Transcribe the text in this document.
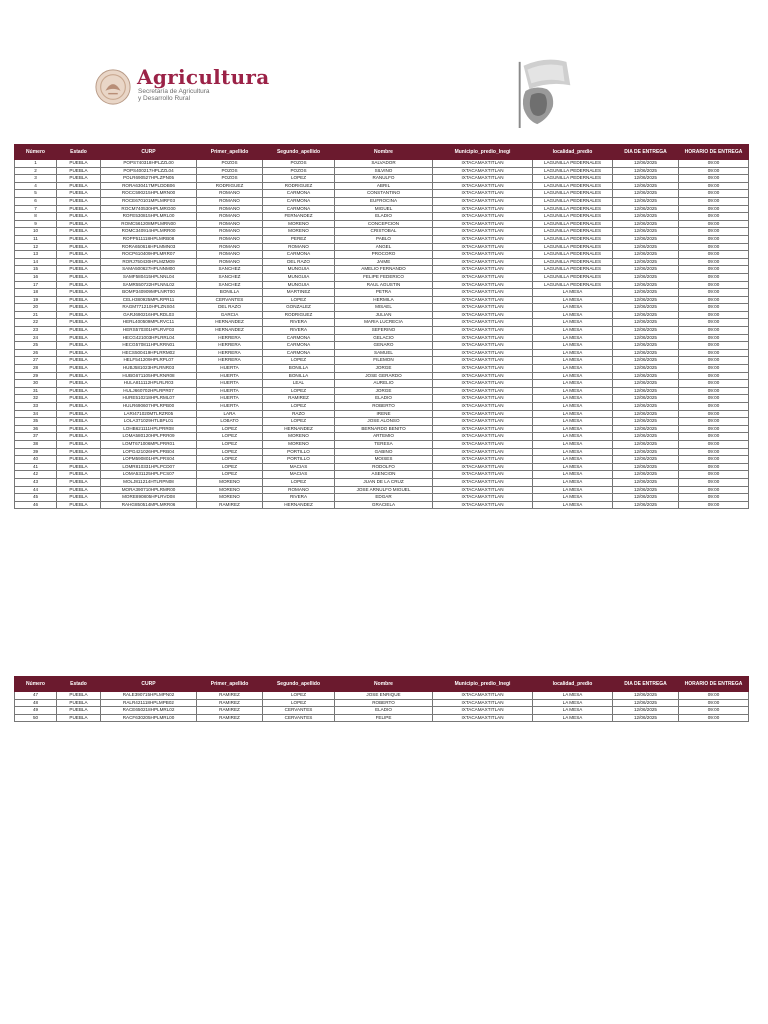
Agricultura
Secretaría de Agricultura
y Desarrollo Rural
Número	Estado	CURP	Primer_apellido	Segundo_apellido	Nombre	Municipio_predio_Inegi	localidad_predio	DIA DE ENTREGA	HORARIO DE ENTREGA
1	PUEBLA	POPS740318HPLZZL00	POZOS	POZOS	SALVADOR	IXTACAMAXTITLAN	LAGUNILLA PEDERNALES	12/06/2025	09:00
2	PUEBLA	POPS400217HPLZZL04	POZOS	POZOS	SILVINO	IXTACAMAXTITLAN	LAGUNILLA PEDERNALES	12/06/2025	09:00
3	PUEBLA	POLR690527HPLZPN05	POZOS	LOPEZ	RANULFO	IXTACAMAXTITLAN	LAGUNILLA PEDERNALES	12/06/2025	09:00
4	PUEBLA	RORA630417MPLDDB06	RODRIGUEZ	RODRIGUEZ	ABRIL	IXTACAMAXTITLAN	LAGUNILLA PEDERNALES	12/06/2025	09:00
5	PUEBLA	ROCC590215HPLMRN00	ROMANO	CARMONA	CONSTANTINO	IXTACAMAXTITLAN	LAGUNILLA PEDERNALES	12/06/2025	09:00
6	PUEBLA	ROCE670101MPLMRF03	ROMANO	CARMONA	EUFROCINA	IXTACAMAXTITLAN	LAGUNILLA PEDERNALES	12/06/2025	09:00
7	PUEBLA	ROCM740530HPLMRG00	ROMANO	CARMONA	MIGUEL	IXTACAMAXTITLAN	LAGUNILLA PEDERNALES	12/06/2025	09:00
8	PUEBLA	ROFE530815HPLMRL00	ROMANO	FERNANDEZ	ELADIO	IXTACAMAXTITLAN	LAGUNILLA PEDERNALES	12/06/2025	09:00
9	PUEBLA	ROMC561208MPLMRN00	ROMANO	MORENO	CONCEPCION	IXTACAMAXTITLAN	LAGUNILLA PEDERNALES	12/06/2025	09:00
10	PUEBLA	ROMC340914HPLMRR00	ROMANO	MORENO	CRISTOBAL	IXTACAMAXTITLAN	LAGUNILLA PEDERNALES	12/06/2025	09:00
11	PUEBLA	ROPP511118HPLMRB08	ROMANO	PEREZ	PABLO	IXTACAMAXTITLAN	LAGUNILLA PEDERNALES	12/06/2025	09:00
12	PUEBLA	RORA650616HPLMMN03	ROMANO	ROMANO	ANGEL	IXTACAMAXTITLAN	LAGUNILLA PEDERNALES	12/06/2025	09:00
13	PUEBLA	ROCP610409HPLMRR07	ROMANO	CARMONA	PROCORO	IXTACAMAXTITLAN	LAGUNILLA PEDERNALES	12/06/2025	09:00
14	PUEBLA	RORJ750430HPLMZM09	ROMANO	DEL RAZO	JAIME	IXTACAMAXTITLAN	LAGUNILLA PEDERNALES	12/06/2025	09:00
15	PUEBLA	SAMA500627HPLNNM00	SANCHEZ	MUNGUIA	AMELIO FERNANDO	IXTACAMAXTITLAN	LAGUNILLA PEDERNALES	12/06/2025	09:00
16	PUEBLA	SAMF580415HPLNNL04	SANCHEZ	MUNGUIA	FELIPE FEDERICO	IXTACAMAXTITLAN	LAGUNILLA PEDERNALES	12/06/2025	09:00
17	PUEBLA	SAMR550722HPLNNL02	SANCHEZ	MUNGUIA	RAUL AGUSTIN	IXTACAMAXTITLAN	LAGUNILLA PEDERNALES	12/06/2025	09:00
18	PUEBLA	BOMP340909MPLNRT00	BONILLA	MARTINEZ	PETRA	IXTACAMAXTITLAN	LA MESA	12/06/2025	09:00
19	PUEBLA	CELH380925MPLRPR11	CERVANTES	LOPEZ	HERMILA	IXTACAMAXTITLAN	LA MESA	12/06/2025	09:00
20	PUEBLA	RAGM771210HPLZNS04	DEL RAZO	GONZALEZ	MISAEL	IXTACAMAXTITLAN	LA MESA	12/06/2025	09:00
21	PUEBLA	GARJ690216HPLRDL03	GARCIA	RODRIGUEZ	JULIAN	IXTACAMAXTITLAN	LA MESA	12/06/2025	09:00
22	PUEBLA	HERL400509MPLRVC11	HERNANDEZ	RIVERA	MARIA LUCRECIA	IXTACAMAXTITLAN	LA MESA	12/06/2025	09:00
23	PUEBLA	HERS570301HPLRVF03	HERNANDEZ	RIVERA	SEFERINO	IXTACAMAXTITLAN	LA MESA	12/06/2025	09:00
24	PUEBLA	HECG421003HPLRRL04	HERRERA	CARMONA	GELACIO	IXTACAMAXTITLAN	LA MESA	12/06/2025	09:00
25	PUEBLA	HECG570811HPLRRN01	HERRERA	CARMONA	GENARO	IXTACAMAXTITLAN	LA MESA	12/06/2025	09:00
26	PUEBLA	HECS500419HPLRRM02	HERRERA	CARMONA	SAMUEL	IXTACAMAXTITLAN	LA MESA	12/06/2025	09:00
27	PUEBLA	HELF541209HPLRPL07	HERRERA	LOPEZ	FILEMON	IXTACAMAXTITLAN	LA MESA	12/06/2025	09:00
28	PUEBLA	HUBJ581023HPLRNR03	HUERTA	BONILLA	JORGE	IXTACAMAXTITLAN	LA MESA	12/06/2025	09:00
29	PUEBLA	HUBG671105HPLRNR08	HUERTA	BONILLA	JOSE GERARDO	IXTACAMAXTITLAN	LA MESA	12/06/2025	09:00
30	PUEBLA	HULA811112HPLRLR03	HUERTA	LEAL	AURELIO	IXTACAMAXTITLAN	LA MESA	12/06/2025	09:00
31	PUEBLA	HULJ660702HPLRPR07	HUERTA	LOPEZ	JORGE	IXTACAMAXTITLAN	LA MESA	12/06/2025	09:00
32	PUEBLA	HURE510218HPLRML07	HUERTA	RAMIREZ	ELADIO	IXTACAMAXTITLAN	LA MESA	12/06/2025	09:00
33	PUEBLA	HULR690607HPLRPB00	HUERTA	LOPEZ	ROBERTO	IXTACAMAXTITLAN	LA MESA	12/06/2025	09:00
34	PUEBLA	LARI471020MTLRZR05	LARA	RAZO	IRENE	IXTACAMAXTITLAN	LA MESA	12/06/2025	09:00
35	PUEBLA	LOLA371029HTLBPL01	LOBATO	LOPEZ	JOSE ALONSO	IXTACAMAXTITLAN	LA MESA	12/06/2025	09:00
36	PUEBLA	LOHB621111HPLPRR08	LOPEZ	HERNANDEZ	BERNARDO BENITO	IXTACAMAXTITLAN	LA MESA	12/06/2025	09:00
37	PUEBLA	LOMA580120HPLPRR09	LOPEZ	MORENO	ARTEMIO	IXTACAMAXTITLAN	LA MESA	12/06/2025	09:00
38	PUEBLA	LOMT671006MPLPRR01	LOPEZ	MORENO	TERESA	IXTACAMAXTITLAN	LA MESA	12/06/2025	09:00
39	PUEBLA	LOPG421026HPLPRB04	LOPEZ	PORTILLO	GABINO	IXTACAMAXTITLAN	LA MESA	12/06/2025	09:00
40	PUEBLA	LOPM590801HPLPRS04	LOPEZ	PORTILLO	MOISES	IXTACAMAXTITLAN	LA MESA	12/06/2025	09:00
41	PUEBLA	LOMR810331HPLPCD07	LOPEZ	MACIAS	RODOLFO	IXTACAMAXTITLAN	LA MESA	12/06/2025	09:00
42	PUEBLA	LOMA531125HPLPCS07	LOPEZ	MACIAS	ASENCION	IXTACAMAXTITLAN	LA MESA	12/06/2025	09:00
43	PUEBLA	MOLJ811214HTLRPN08	MORENO	LOPEZ	JUAN DE LA CRUZ	IXTACAMAXTITLAN	LA MESA	12/06/2025	09:00
44	PUEBLA	MORA390710HPLRMR00	MORENO	ROMANO	JOSE ARNULFO MIGUEL	IXTACAMAXTITLAN	LA MESA	12/06/2025	09:00
45	PUEBLA	MORE890805HPLRVD08	MORENO	RIVERA	EDGAR	IXTACAMAXTITLAN	LA MESA	12/06/2025	09:00
46	PUEBLA	RAHG850514MPLMRR06	RAMIREZ	HERNANDEZ	GRACIELA	IXTACAMAXTITLAN	LA MESA	12/06/2025	09:00
Número	Estado	CURP	Primer_apellido	Segundo_apellido	Nombre	Municipio_predio_Inegi	localidad_predio	DIA DE ENTREGA	HORARIO DE ENTREGA
47	PUEBLA	RALE390715HPLMPN02	RAMIREZ	LOPEZ	JOSE ENRIQUE	IXTACAMAXTITLAN	LA MESA	12/06/2025	09:00
48	PUEBLA	RALR421118HPLMPB02	RAMIREZ	LOPEZ	ROBERTO	IXTACAMAXTITLAN	LA MESA	12/06/2025	09:00
49	PUEBLA	RACE650218HPLMRL02	RAMIREZ	CERVANTES	ELADIO	IXTACAMAXTITLAN	LA MESA	12/06/2025	09:00
50	PUEBLA	RACF630205HPLMRL00	RAMIREZ	CERVANTES	FELIPE	IXTACAMAXTITLAN	LA MESA	12/06/2025	09:00
